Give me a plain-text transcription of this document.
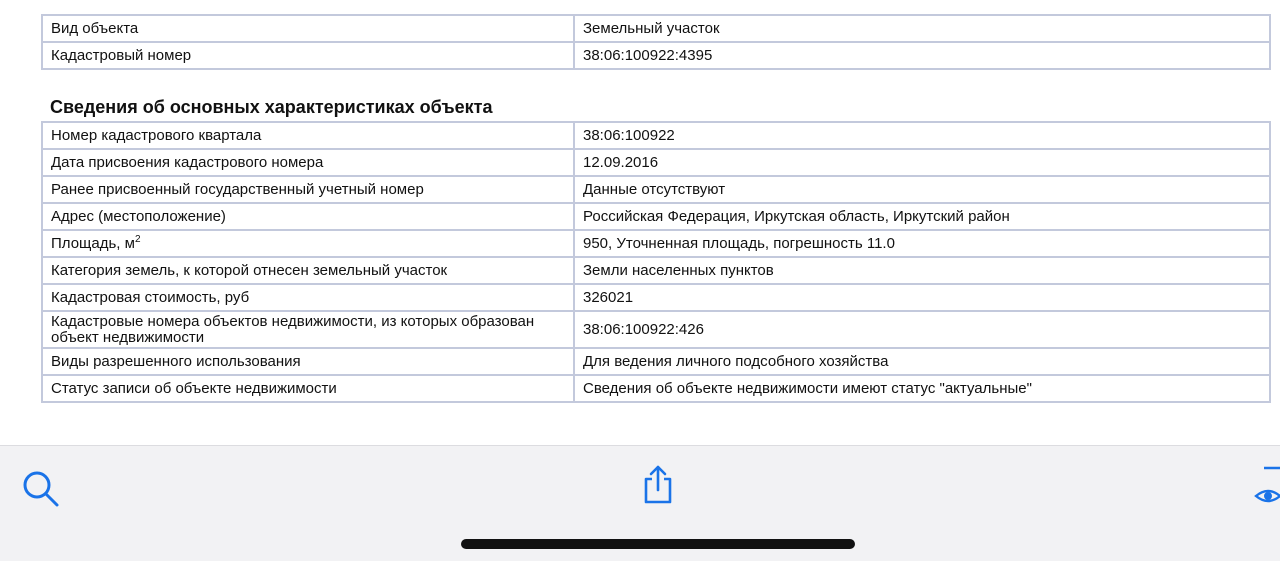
Вид объекта	Земельный участок
Кадастровый номер	38:06:100922:4395
Сведения об основных характеристиках объекта
Номер кадастрового квартала	38:06:100922
Дата присвоения кадастрового номера	12.09.2016
Ранее присвоенный государственный учетный номер	Данные отсутствуют
Адрес (местоположение)	Российская Федерация, Иркутская область, Иркутский район
Площадь, $м^2$	950, Уточненная площадь, погрешность 11.0
Категория земель, к которой отнесен земельный участок	Земли населенных пунктов
Кадастровая стоимость, руб	326021
Кадастровые номера объектов недвижимости, из которых образован объект недвижимости	38:06:100922:426
Виды разрешенного использования	Для ведения личного подсобного хозяйства
Статус записи об объекте недвижимости	Сведения об объекте недвижимости имеют статус "актуальные"
